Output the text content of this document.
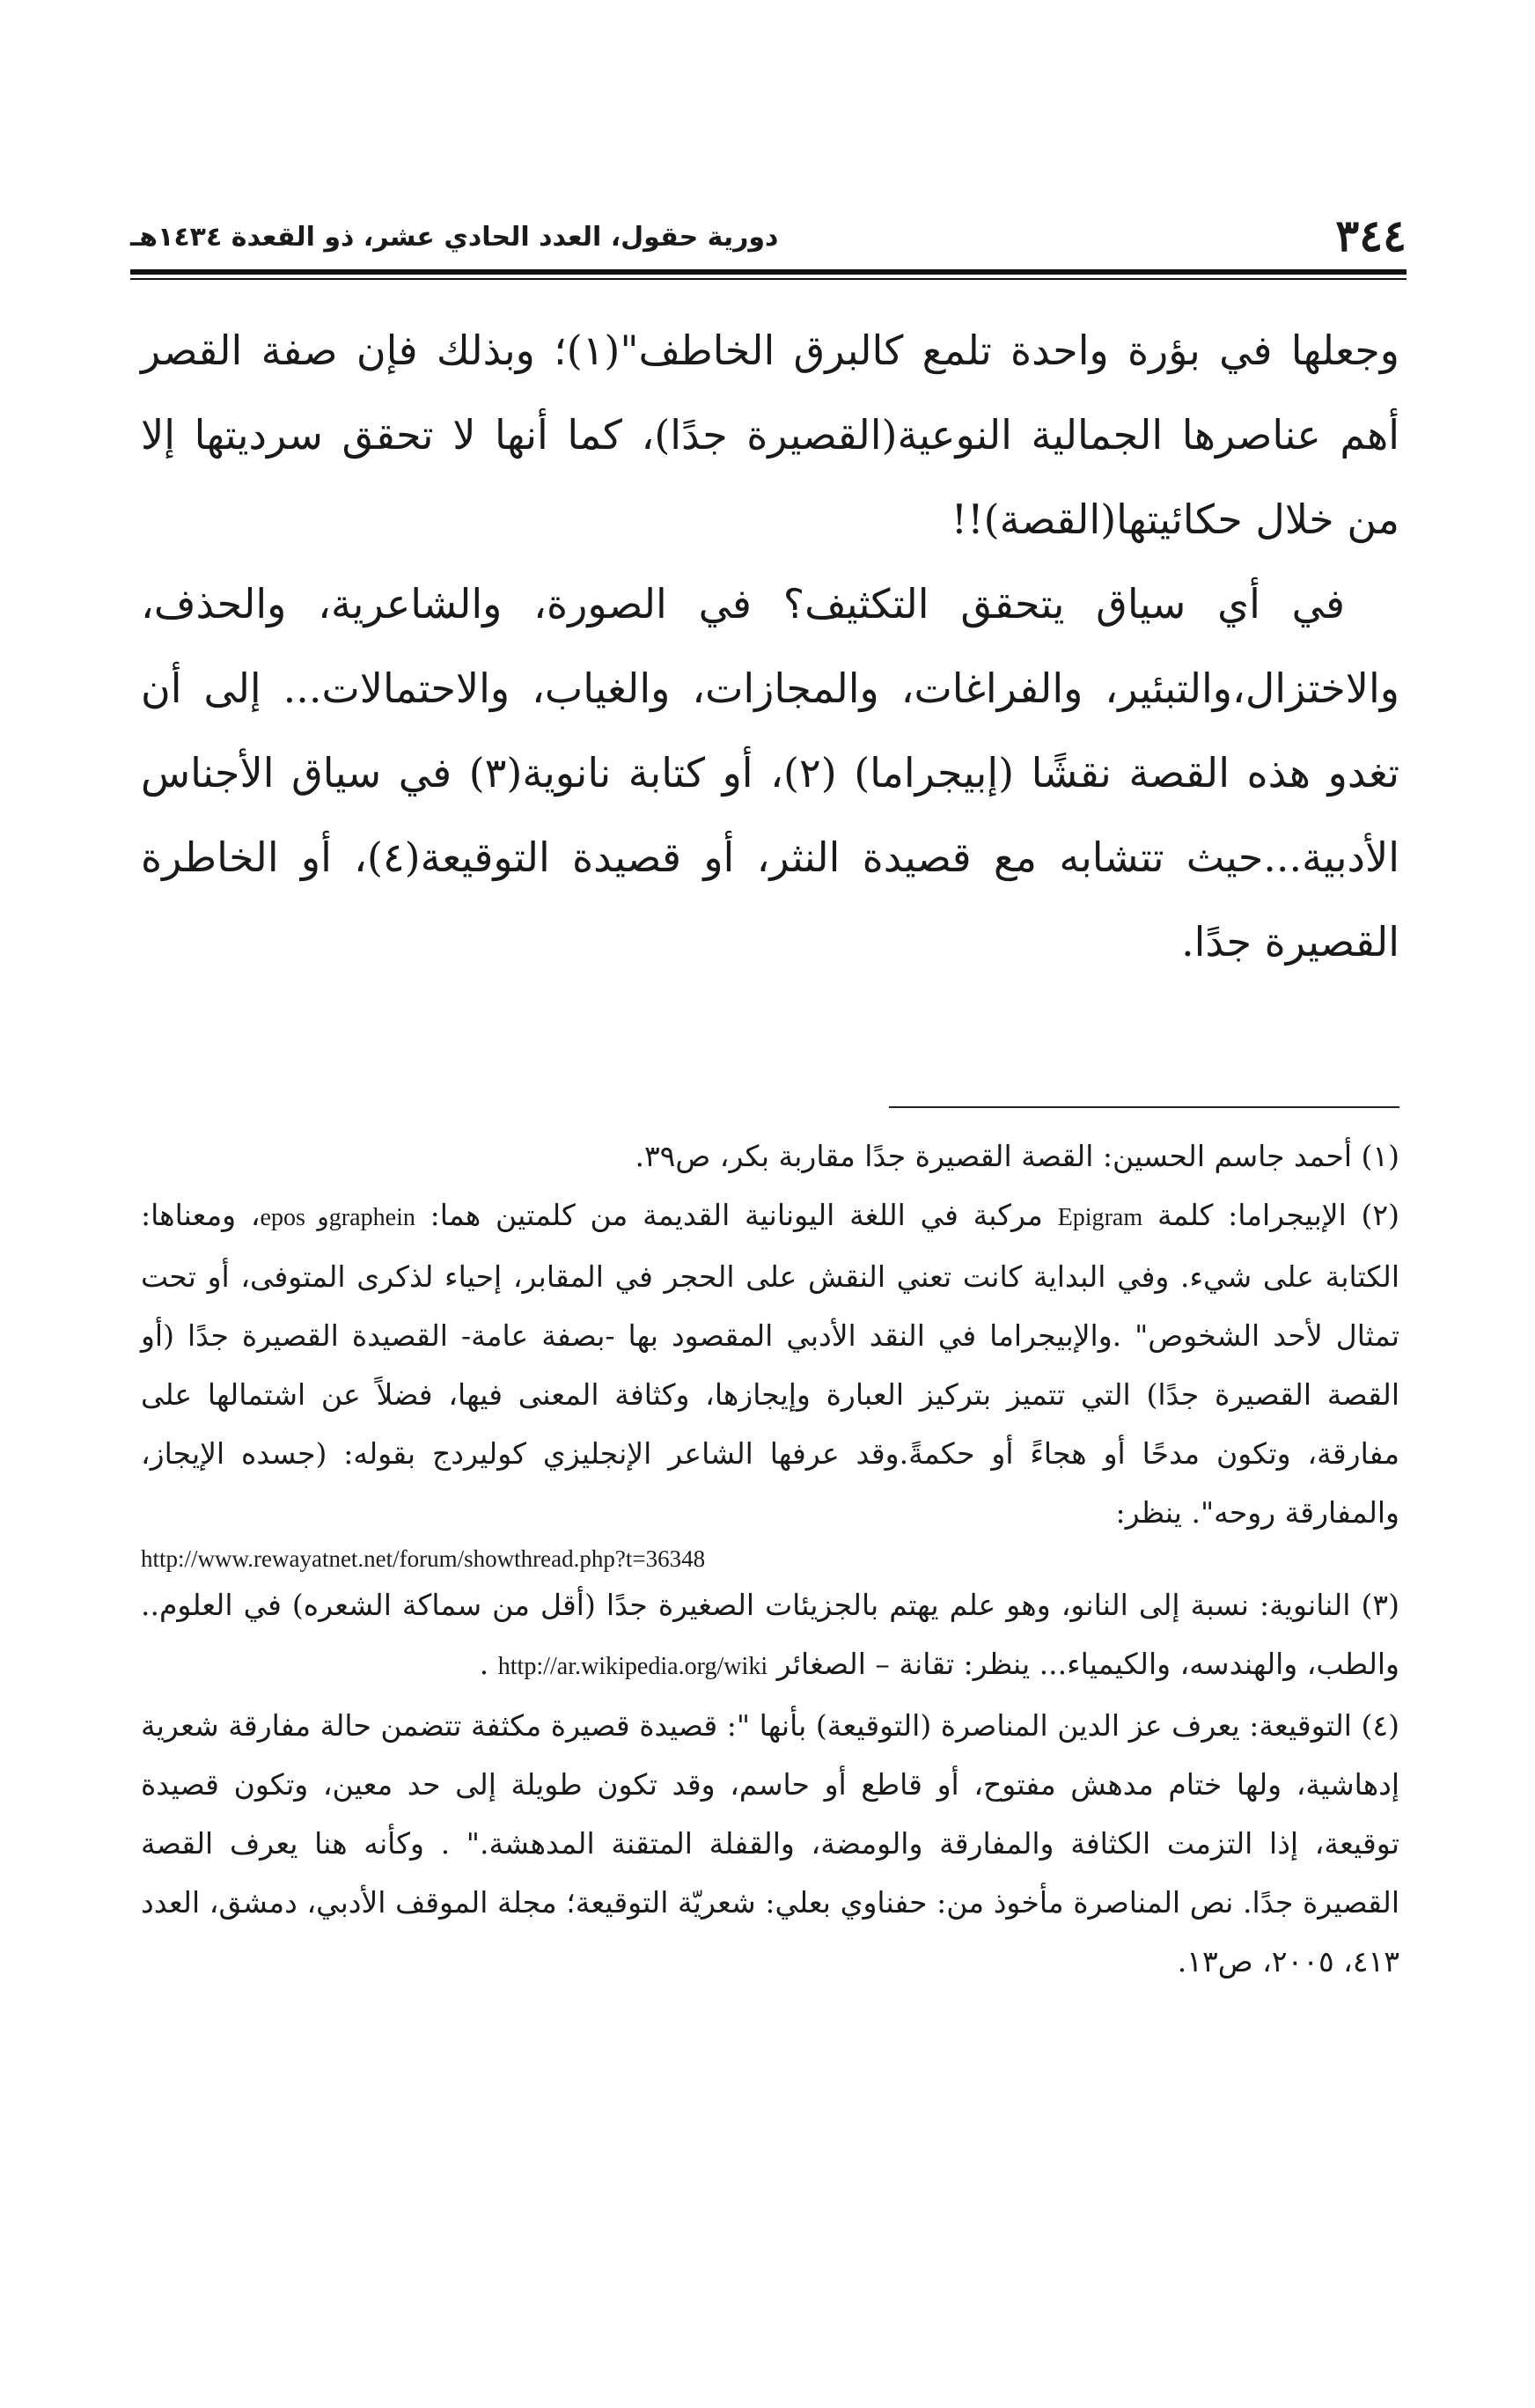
٣٤٤
دورية حقول، العدد الحادي عشر، ذو القعدة ١٤٣٤هـ

وجعلها في بؤرة واحدة تلمع كالبرق الخاطف"(١)؛ وبذلك فإن صفة القصر أهم عناصرها الجمالية النوعية(القصيرة جدًا)، كما أنها لا تحقق سرديتها إلا من خلال حكائيتها(القصة)!!

في أي سياق يتحقق التكثيف؟ في الصورة، والشاعرية، والحذف، والاختزال،والتبئير، والفراغات، والمجازات، والغياب، والاحتمالات... إلى أن تغدو هذه القصة نقشًا (إبيجراما) (٢)، أو كتابة نانوية(٣) في سياق الأجناس الأدبية...حيث تتشابه مع قصيدة النثر، أو قصيدة التوقيعة(٤)، أو الخاطرة القصيرة جدًا.

(١) أحمد جاسم الحسين: القصة القصيرة جدًا مقاربة بكر، ص٣٩.

(٢) الإبيجراما: كلمة Epigram مركبة في اللغة اليونانية القديمة من كلمتين هما: epos وgraphein، ومعناها: الكتابة على شيء. وفي البداية كانت تعني النقش على الحجر في المقابر، إحياء لذكرى المتوفى، أو تحت تمثال لأحد الشخوص" .والإبيجراما في النقد الأدبي المقصود بها -بصفة عامة- القصيدة القصيرة جدًا (أو القصة القصيرة جدًا) التي تتميز بتركيز العبارة وإيجازها، وكثافة المعنى فيها، فضلاً عن اشتمالها على مفارقة، وتكون مدحًا أو هجاءً أو حكمةً.وقد عرفها الشاعر الإنجليزي كوليردج بقوله: (جسده الإيجاز، والمفارقة روحه". ينظر:

http://www.rewayatnet.net/forum/showthread.php?t=36348

(٣) النانوية: نسبة إلى النانو، وهو علم يهتم بالجزيئات الصغيرة جدًا (أقل من سماكة الشعره) في العلوم.. والطب، والهندسه، والكيمياء... ينظر: تقانة – الصغائر http://ar.wikipedia.org/wiki .

(٤) التوقيعة: يعرف عز الدين المناصرة (التوقيعة) بأنها ": قصيدة قصيرة مكثفة تتضمن حالة مفارقة شعرية إدهاشية، ولها ختام مدهش مفتوح، أو قاطع أو حاسم، وقد تكون طويلة إلى حد معين، وتكون قصيدة توقيعة، إذا التزمت الكثافة والمفارقة والومضة، والقفلة المتقنة المدهشة." . وكأنه هنا يعرف القصة القصيرة جدًا. نص المناصرة مأخوذ من: حفناوي بعلي: شعريّة التوقيعة؛ مجلة الموقف الأدبي، دمشق، العدد ٤١٣، ٢٠٠٥، ص١٣.
